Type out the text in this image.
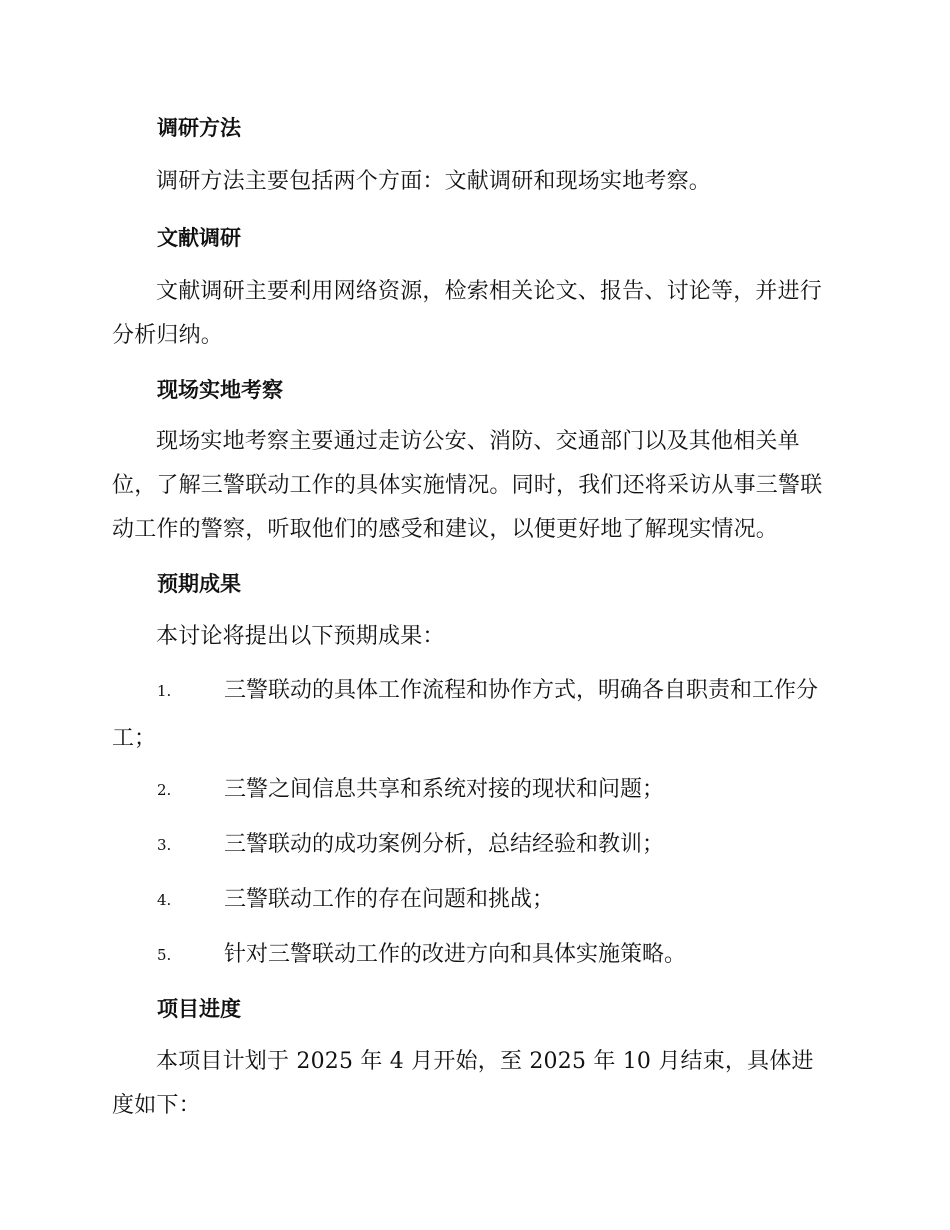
调研方法

调研方法主要包括两个方面：文献调研和现场实地考察。

文献调研

文献调研主要利用网络资源，检索相关论文、报告、讨论等，并进行分析归纳。

现场实地考察

现场实地考察主要通过走访公安、消防、交通部门以及其他相关单位，了解三警联动工作的具体实施情况。同时，我们还将采访从事三警联动工作的警察，听取他们的感受和建议，以便更好地了解现实情况。

预期成果

本讨论将提出以下预期成果：

1.	三警联动的具体工作流程和协作方式，明确各自职责和工作分工；
2.	三警之间信息共享和系统对接的现状和问题；
3.	三警联动的成功案例分析，总结经验和教训；
4.	三警联动工作的存在问题和挑战；
5.	针对三警联动工作的改进方向和具体实施策略。
项目进度

本项目计划于 2025 年 4 月开始，至 2025 年 10 月结束，具体进度如下：
